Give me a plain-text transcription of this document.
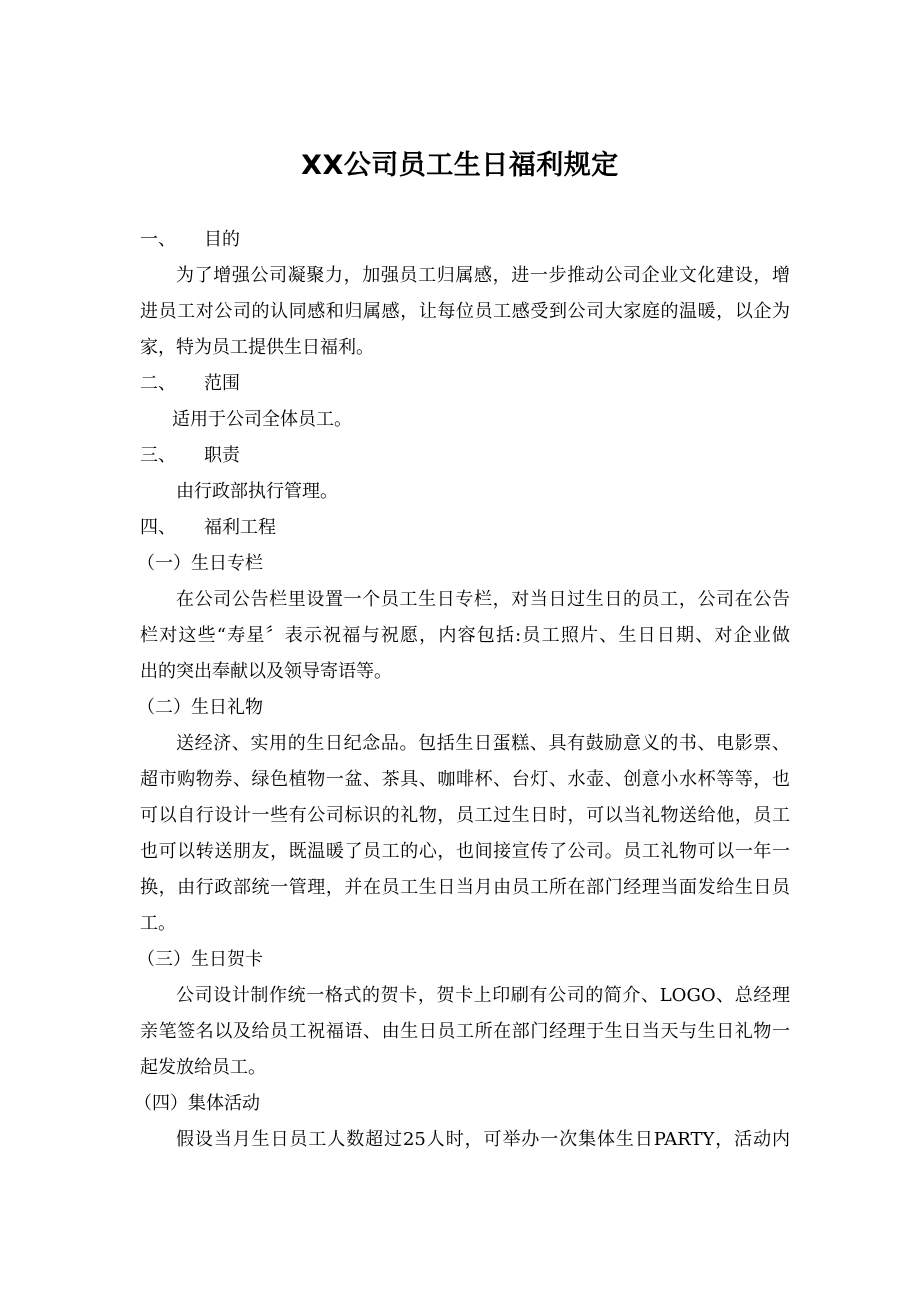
XX公司员工生日福利规定
一、 目的
为了增强公司凝聚力，加强员工归属感，进一步推动公司企业文化建设，增
进员工对公司的认同感和归属感，让每位员工感受到公司大家庭的温暖，以企为
家，特为员工提供生日福利。
二、 范围
适用于公司全体员工。
三、 职责
由行政部执行管理。
四、 福利工程
（一）生日专栏
在公司公告栏里设置一个员工生日专栏，对当日过生日的员工，公司在公告
栏对这些“寿星〞表示祝福与祝愿，内容包括:员工照片、生日日期、对企业做
出的突出奉献以及领导寄语等。
（二）生日礼物
送经济、实用的生日纪念品。包括生日蛋糕、具有鼓励意义的书、电影票、
超市购物券、绿色植物一盆、茶具、咖啡杯、台灯、水壶、创意小水杯等等，也
可以自行设计一些有公司标识的礼物，员工过生日时，可以当礼物送给他，员工
也可以转送朋友，既温暖了员工的心，也间接宣传了公司。员工礼物可以一年一
换，由行政部统一管理，并在员工生日当月由员工所在部门经理当面发给生日员
工。
（三）生日贺卡
公司设计制作统一格式的贺卡，贺卡上印刷有公司的简介、LOGO、总经理
亲笔签名以及给员工祝福语、由生日员工所在部门经理于生日当天与生日礼物一
起发放给员工。
（四）集体活动
假设当月生日员工人数超过25人时，可举办一次集体生日PARTY，活动内
